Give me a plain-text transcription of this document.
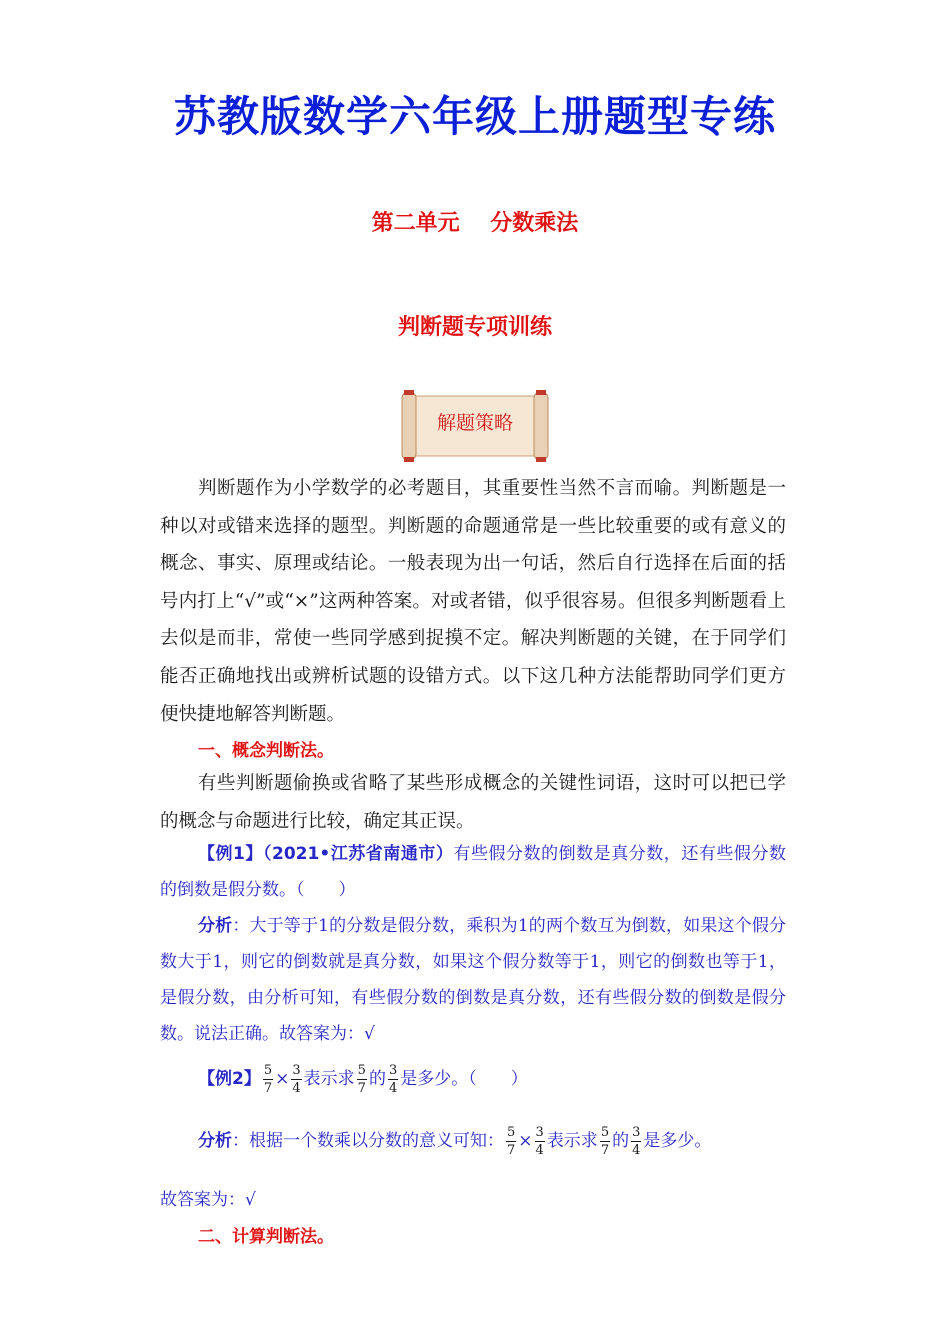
苏教版数学六年级上册题型专练
第二单元    分数乘法
判断题专项训练
解题策略
判断题作为小学数学的必考题目，其重要性当然不言而喻。判断题是一种以对或错来选择的题型。判断题的命题通常是一些比较重要的或有意义的概念、事实、原理或结论。一般表现为出一句话，然后自行选择在后面的括号内打上“√”或“×”这两种答案。对或者错，似乎很容易。但很多判断题看上去似是而非，常使一些同学感到捉摸不定。解决判断题的关键，在于同学们能否正确地找出或辨析试题的设错方式。以下这几种方法能帮助同学们更方便快捷地解答判断题。
一、概念判断法。
有些判断题偷换或省略了某些形成概念的关键性词语，这时可以把已学的概念与命题进行比较，确定其正误。
【例1】（2021•江苏省南通市）有些假分数的倒数是真分数，还有些假分数的倒数是假分数。（　　）
分析：大于等于1的分数是假分数，乘积为1的两个数互为倒数，如果这个假分数大于1，则它的倒数就是真分数，如果这个假分数等于1，则它的倒数也等于1，是假分数，由分析可知，有些假分数的倒数是真分数，还有些假分数的倒数是假分数。说法正确。故答案为：√
【例2】 $\frac{5}{7} \times \frac{3}{4}$ 表示求 $\frac{5}{7}$ 的 $\frac{3}{4}$ 是多少。（　　）
分析：根据一个数乘以分数的意义可知： $\frac{5}{7} \times \frac{3}{4}$ 表示求 $\frac{5}{7}$ 的 $\frac{3}{4}$ 是多少。
故答案为：√
二、计算判断法。
